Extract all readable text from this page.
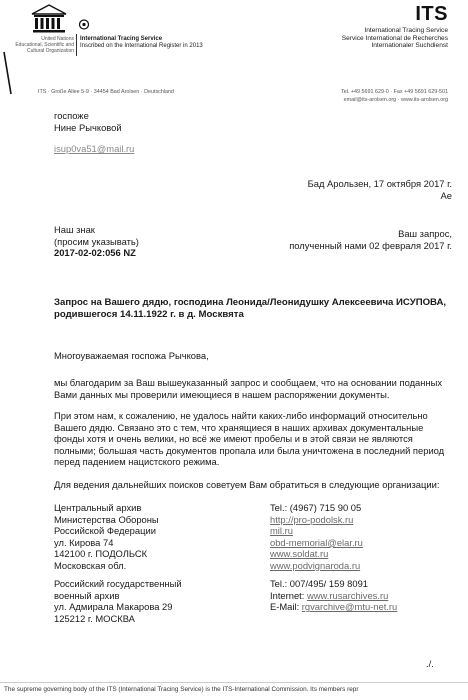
United Nations
Educational, Scientific and
Cultural Organization
International Tracing Service
Inscribed on the International Register in 2013
ITS
International Tracing Service
Service International de Recherches
Internationaler Suchdienst
ITS · Große Allee 5-9 · 34454 Bad Arolsen · Deutschland	Tel. +49 5691 629-0 · Fax +49 5691 629-501
email@its-arolsen.org · www.its-arolsen.org
госпоже
Нине Рычковой
isup0va51@mail.ru
Бад Арользен, 17 октября 2017 г.
Ae
Наш знак
(просим указывать)
2017-02-02:056 NZ
Ваш запрос,
полученный нами 02 февраля 2017 г.
Запрос на Вашего дядю, господина Леонида/Леонидушку Алексеевича ИСУПОВА,
родившегося 14.11.1922 г. в д. Москвята
Многоуважаемая госпожа Рычкова,
мы благодарим за Ваш вышеуказанный запрос и сообщаем, что на основании поданных
Вами данных мы проверили имеющиеся в нашем распоряжении документы.
При этом нам, к сожалению, не удалось найти каких-либо информаций относительно
Вашего дядю. Связано это с тем, что хранящиеся в наших архивах документальные
фонды хотя и очень велики, но всё же имеют пробелы и в этой связи не являются
полными; большая часть документов пропала или была уничтожена в последний период
перед падением нацистского режима.
Для ведения дальнейших поисков советуем Вам обратиться в следующие организации:
Центральный архив
Министерства Обороны
Российской Федерации
ул. Кирова 74
142100 г. ПОДОЛЬСК
Московская обл.
Tel.: (4967) 715 90 05
http://pro-podolsk.ru
mil.ru
obd-memorial@elar.ru
www.soldat.ru
www.podvignaroda.ru
Российский государственный
военный архив
ул. Адмирала Макарова 29
125212 г. МОСКВА
Tel.: 007/495/ 159 8091
Internet: www.rusarchives.ru
E-Mail: rgvarchive@mtu-net.ru
./.
The supreme governing body of the ITS (International Tracing Service) is the ITS-International Commission. Its members repr
